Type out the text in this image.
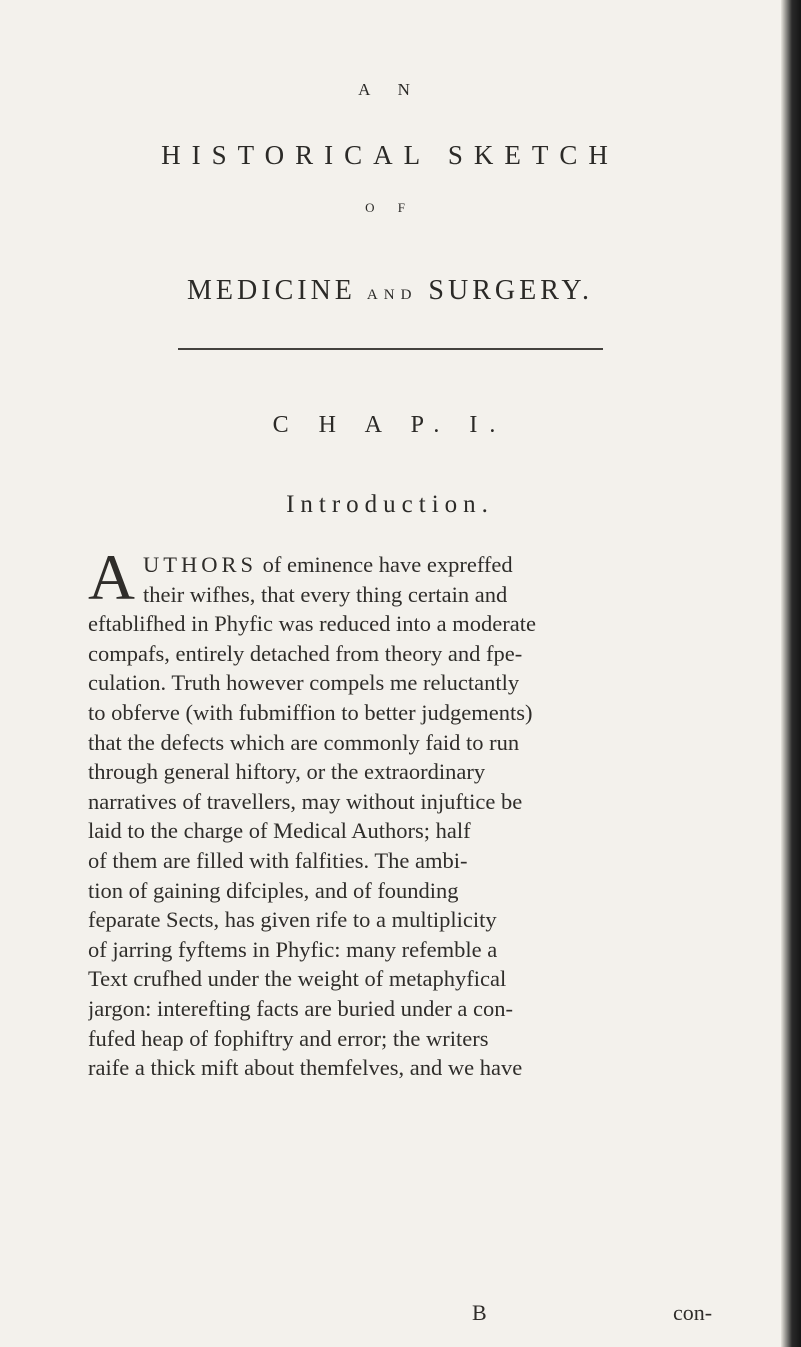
A N
HISTORICAL SKETCH
O F
MEDICINE AND SURGERY.
C H A P. I.
Introduction.
A UTHORS of eminence have expreffed
their wifhes, that every thing certain and
eftablifhed in Phyfic was reduced into a moderate
compafs, entirely detached from theory and fpe-
culation. Truth however compels me reluctantly
to obferve (with fubmiffion to better judgements)
that the defects which are commonly faid to run
through general hiftory, or the extraordinary
narratives of travellers, may without injuftice be
laid to the charge of Medical Authors; half
of them are filled with falfities. The ambi-
tion of gaining difciples, and of founding
feparate Sects, has given rife to a multiplicity
of jarring fyftems in Phyfic: many refemble a
Text crufhed under the weight of metaphyfical
jargon: interefting facts are buried under a con-
fufed heap of fophiftry and error; the writers
raife a thick mift about themfelves, and we have
B	con-
